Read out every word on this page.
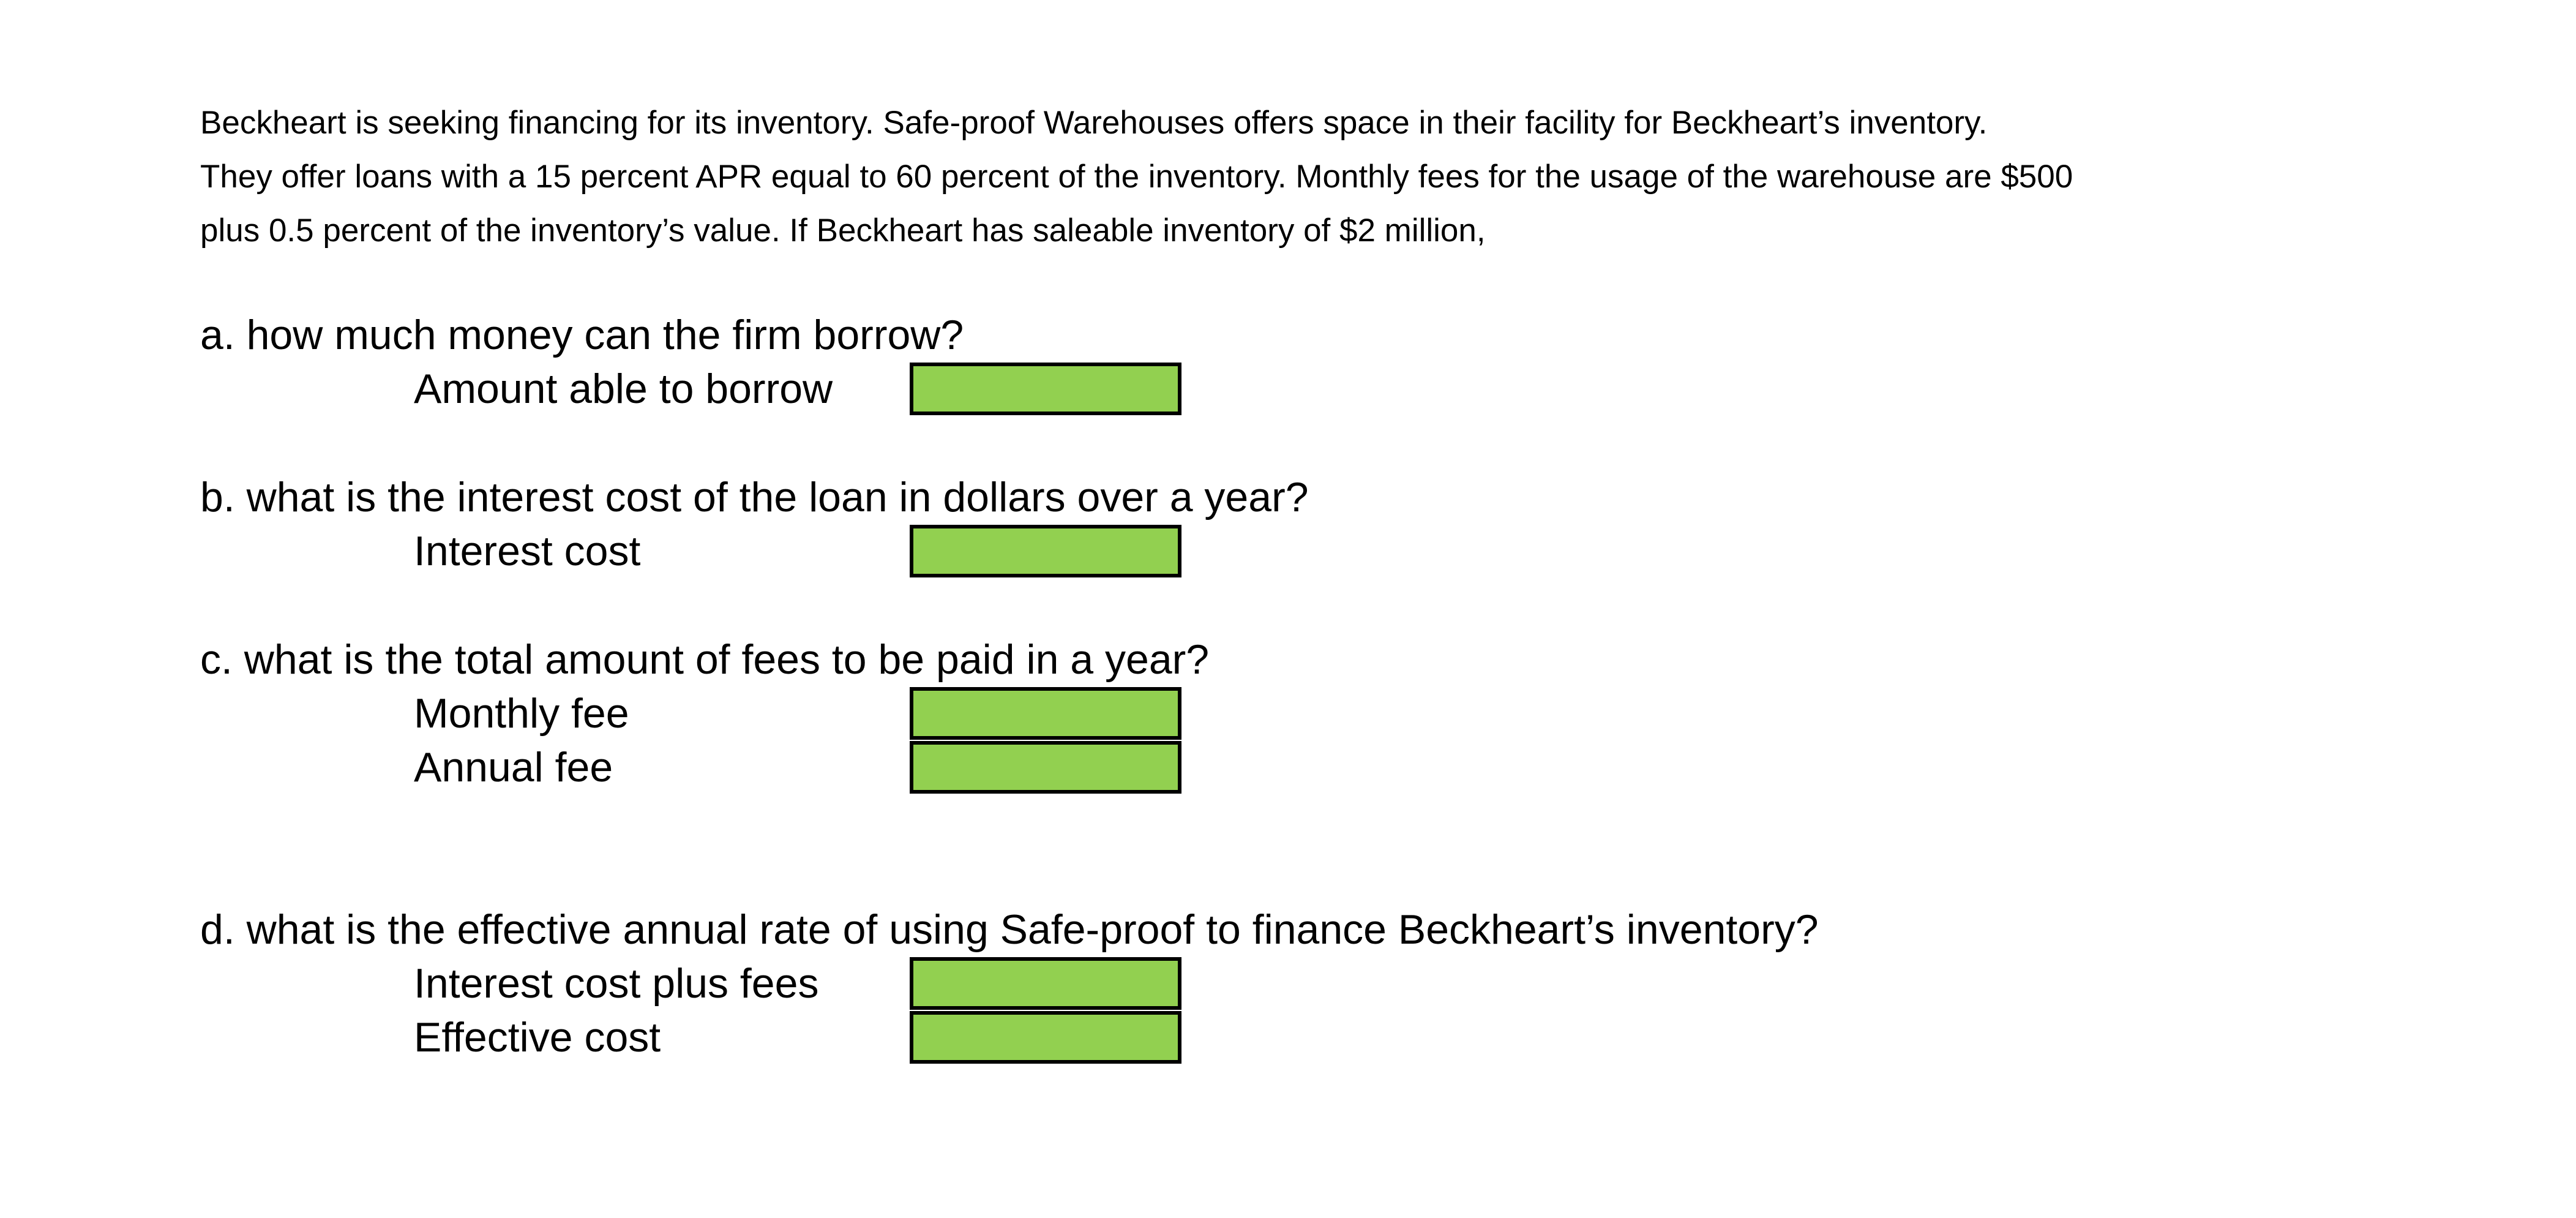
Beckheart is seeking financing for its inventory. Safe-proof Warehouses offers space in their facility for Beckheart’s inventory.
They offer loans with a 15 percent APR equal to 60 percent of the inventory. Monthly fees for the usage of the warehouse are $500
plus 0.5 percent of the inventory’s value. If Beckheart has saleable inventory of $2 million,
a. how much money can the firm borrow?
Amount able to borrow
b. what is the interest cost of the loan in dollars over a year?
Interest cost
c. what is the total amount of fees to be paid in a year?
Monthly fee
Annual fee
d. what is the effective annual rate of using Safe-proof to finance Beckheart’s inventory?
Interest cost plus fees
Effective cost
